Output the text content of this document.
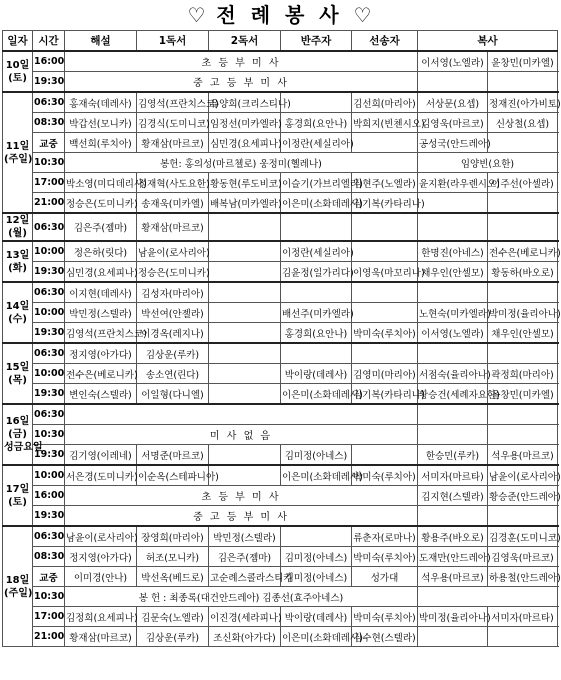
♡ 전 례 봉 사 ♡
일자	시간	해설	1독서	2독서	반주자	선송자	복사	
10일
(토)	16:00	초 등 부 미 사					이서영(노엘라)	윤창민(미카엘)
	19:30	중 고 등 부 미 사						
11일
(주일)	06:30	홍재숙(데레사)	김영석(프란치스코)	유양희(크리스티나)		김선희(마리아)	서상문(요셉)	정재진(아가비토)
	08:30	박갑선(모니카)	김경식(도미니코)	임정선(미카엘라)	홍경희(요안나)	박희지(빈첸시오)	김영욱(마르코)	신상철(요셉)
	교중	백선희(루치아)	황재삼(마르코)	심민경(요세피나)	이정란(세실리아)		공성국(안드레아)	
	10:30	봉헌: 홍의성(마르첼로) 웅정미(헬레나)					임양빈(요한)	
	17:00	박소영(미디데리사)	정재혁(사도요한)	황동현(루도비코)	이슬기(가브리엘라)	김현주(노엘라)	윤지환(라우렌시오)	이주선(아셀라)
	21:00	정승은(도미니카)	송재욱(미카엘)	배복남(미카엘라)	이은미(소화데레사)	김기복(카타리나)		
12일
(월)	06:30	김은주(젬마)	황재삼(마르코)					
13일
(화)	10:00	정은하(릿다)	남윤이(로사리아)		이정란(세실리아)		한명진(아네스)	전수은(베로니카)
	19:30	심민경(요세피나)	정승은(도미니카)		김윤정(일가리다)	이영욱(마꼬리나)	채우인(안셀모)	황동하(바오로)
14일
(수)	06:30	이지현(데레사)	김성자(마리아)					
	10:00	박민정(스텔라)	박선여(안젤라)		배선주(미카엘라)		노현숙(미카엘라)	박미정(율리아나)
	19:30	김영석(프란치스코)	이경옥(레지나)		홍경희(요안나)	박미숙(루치아)	이서영(노엘라)	채우인(안셀모)
15일
(목)	06:30	정지영(아가다)	김상운(루카)					
	10:00	전수은(베로니카)	송소연(린다)		박이랑(데레사)	김영미(마리아)	서점숙(율리아나)	곽정희(마리아)
	19:30	변인숙(스텔라)	이일형(다니엘)		이은미(소화데레사)	김기복(카타리나)	황승건(세례자요한)	윤창민(미카엘)
16일
(금)
성금요일	06:30							
	10:30	미 사 없 음						
	19:30	김기영(이레네)	서명준(마르코)		김미정(아네스)		한승민(루카)	석우용(마르코)
17일
(토)	10:00	서은경(도미니카)	이순옥(스테파니아)		이은미(소화데레사)	박미숙(루치아)	서미자(마르타)	남윤이(로사리아)
	16:00	초 등 부 미 사					김지현(스텔라)	황승준(안드레아)
	19:30	중 고 등 부 미 사						
18일
(주일)	06:30	남윤이(로사리아)	장영희(마리아)	박민정(스텔라)		류춘자(로마나)	황용주(바오로)	김경훈(도미니코)
	08:30	정지영(아가다)	허조(모니카)	김은주(젬마)	김미정(아네스)	박미숙(루치아)	도재만(안드레아)	김영욱(마르코)
	교중	이미경(안나)	박선옥(베드로)	고순례스콜라스티카	김미정(아네스)	성가대	석우용(마르코)	하용철(안드레아)
	10:30	봉 헌 : 최종록(대건안드레아) 김종선(효주아네스)						
	17:00	김정희(요세피나)	김문숙(노엘라)	이진경(세라피나)	박이랑(데레사)	박미숙(루치아)	박미정(율리아나)	서미자(마르타)
	21:00	황재삼(마르코)	김상운(루카)	조신화(아가다)	이은미(소화데레사)	김수현(스텔라)		
